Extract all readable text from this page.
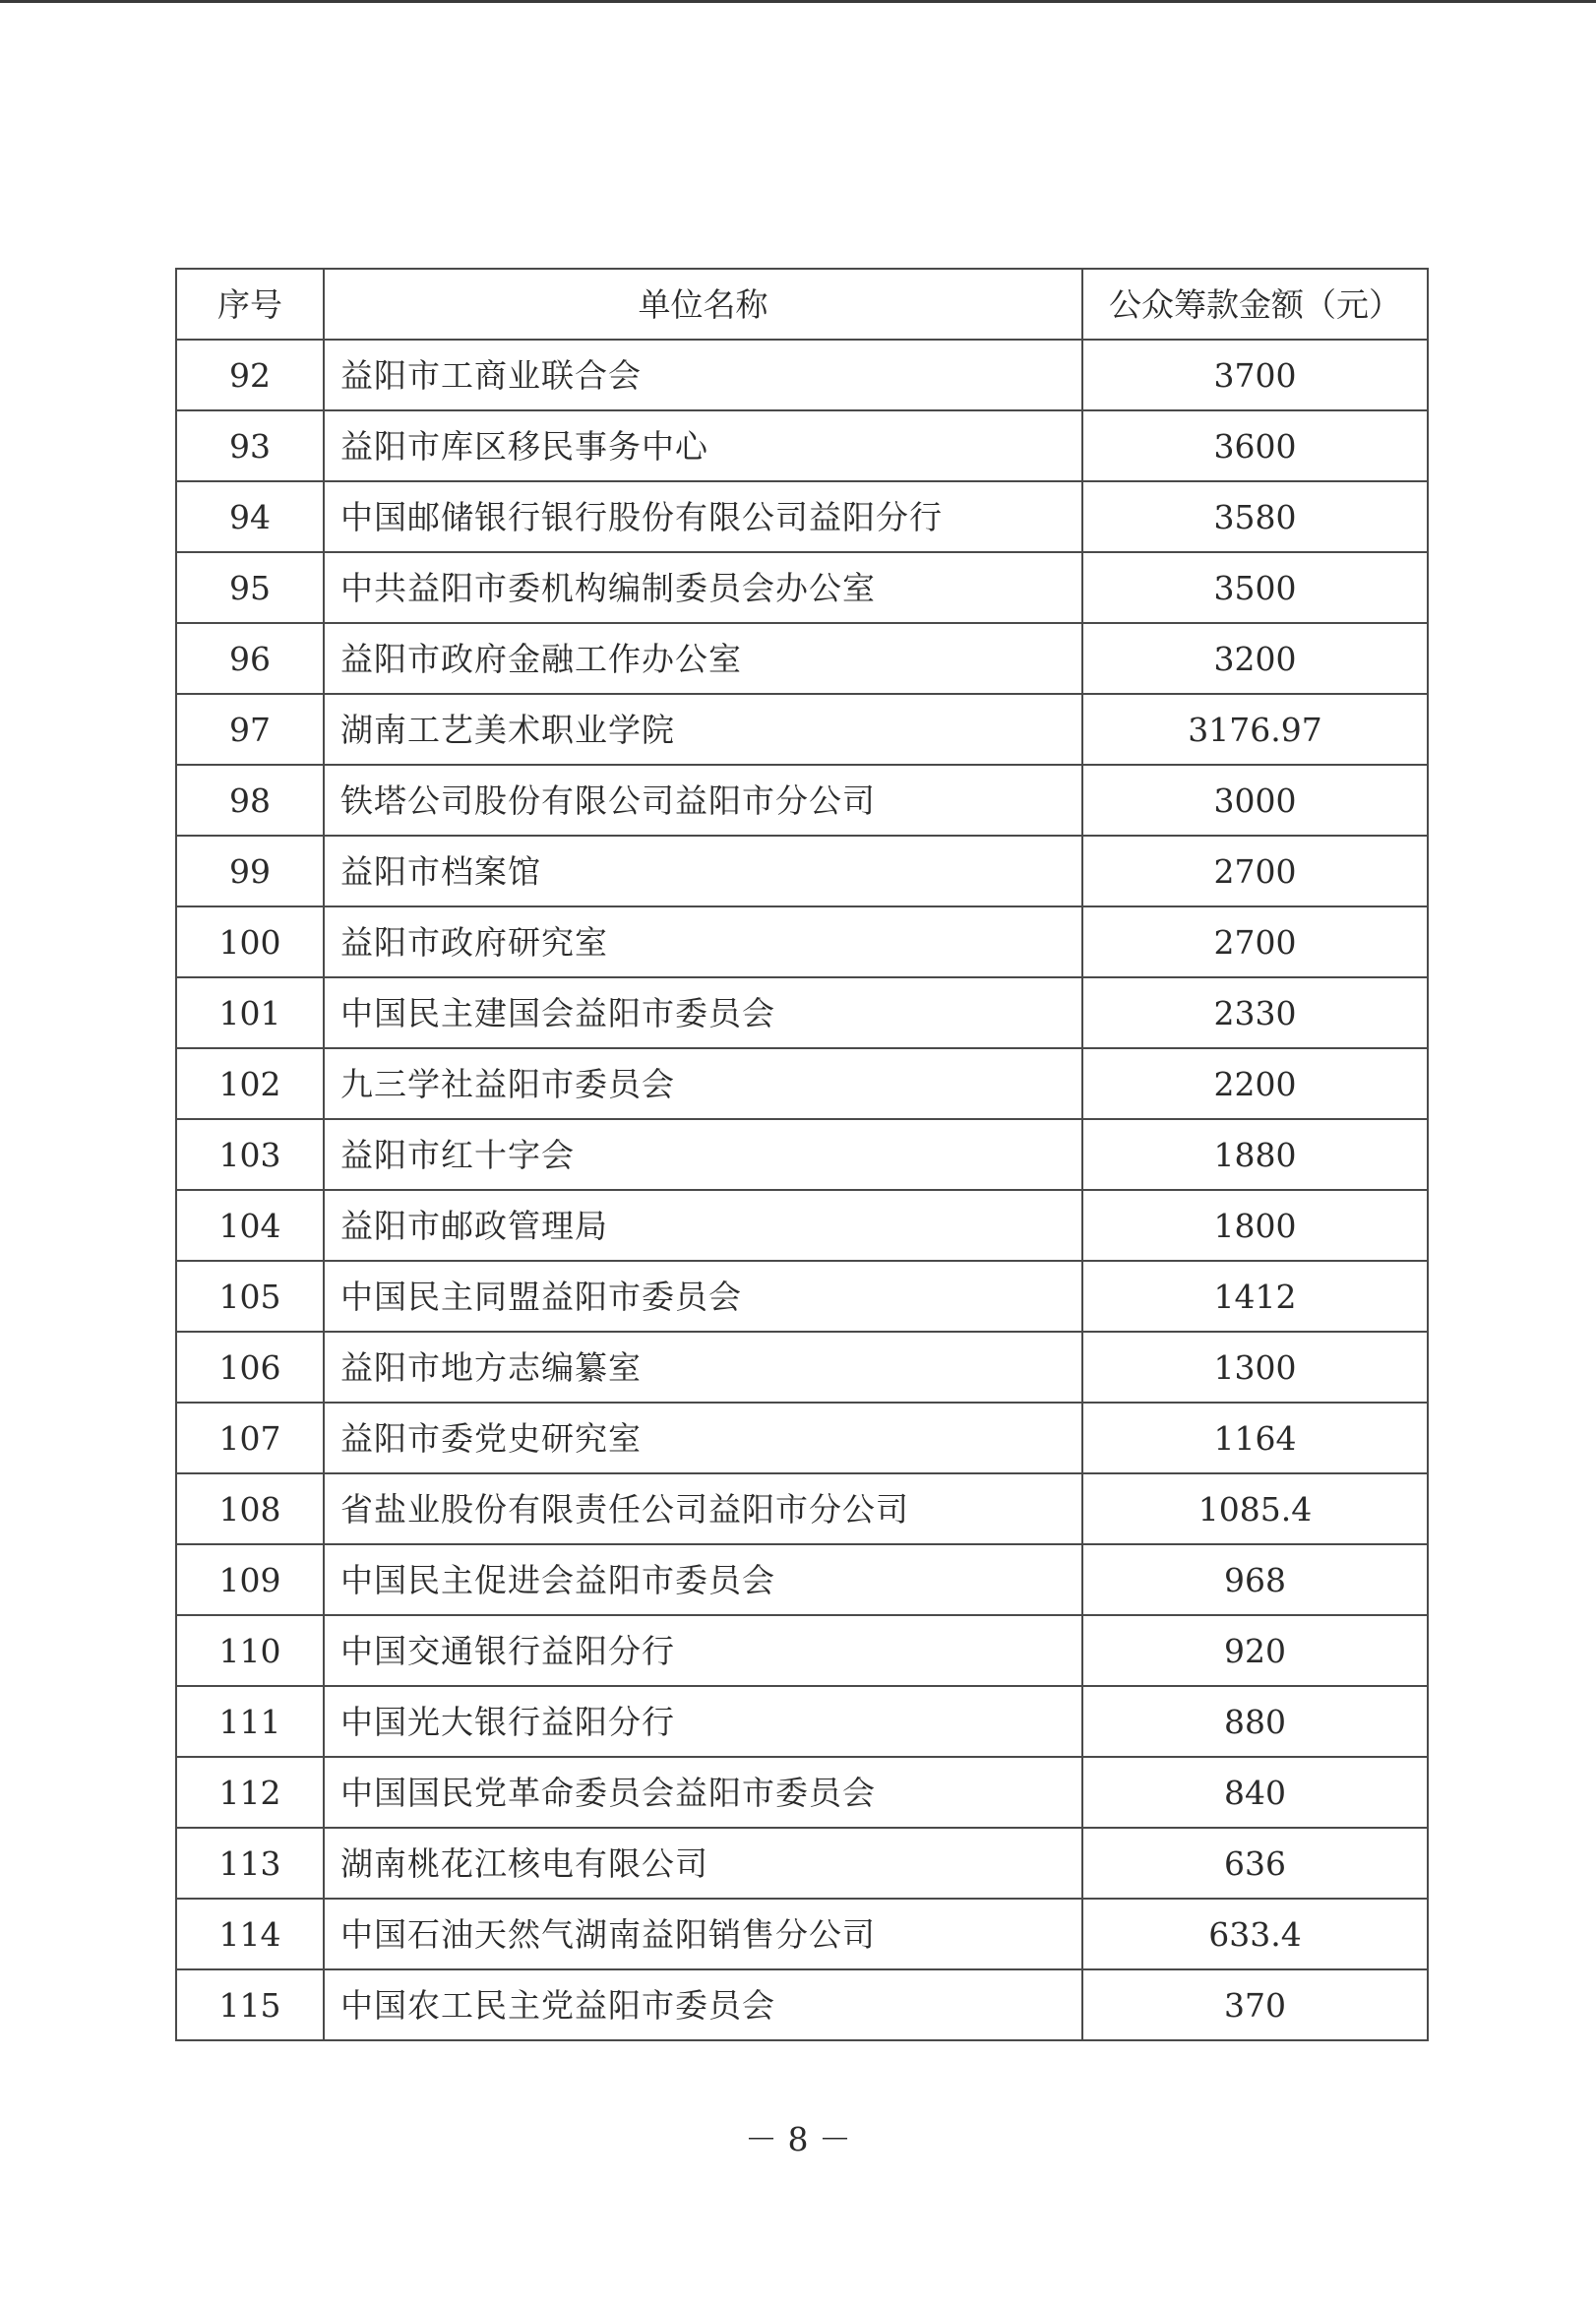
序号	单位名称	公众筹款金额（元）
92	益阳市工商业联合会	3700
93	益阳市库区移民事务中心	3600
94	中国邮储银行银行股份有限公司益阳分行	3580
95	中共益阳市委机构编制委员会办公室	3500
96	益阳市政府金融工作办公室	3200
97	湖南工艺美术职业学院	3176.97
98	铁塔公司股份有限公司益阳市分公司	3000
99	益阳市档案馆	2700
100	益阳市政府研究室	2700
101	中国民主建国会益阳市委员会	2330
102	九三学社益阳市委员会	2200
103	益阳市红十字会	1880
104	益阳市邮政管理局	1800
105	中国民主同盟益阳市委员会	1412
106	益阳市地方志编纂室	1300
107	益阳市委党史研究室	1164
108	省盐业股份有限责任公司益阳市分公司	1085.4
109	中国民主促进会益阳市委员会	968
110	中国交通银行益阳分行	920
111	中国光大银行益阳分行	880
112	中国国民党革命委员会益阳市委员会	840
113	湖南桃花江核电有限公司	636
114	中国石油天然气湖南益阳销售分公司	633.4
115	中国农工民主党益阳市委员会	370
－ 8 －
